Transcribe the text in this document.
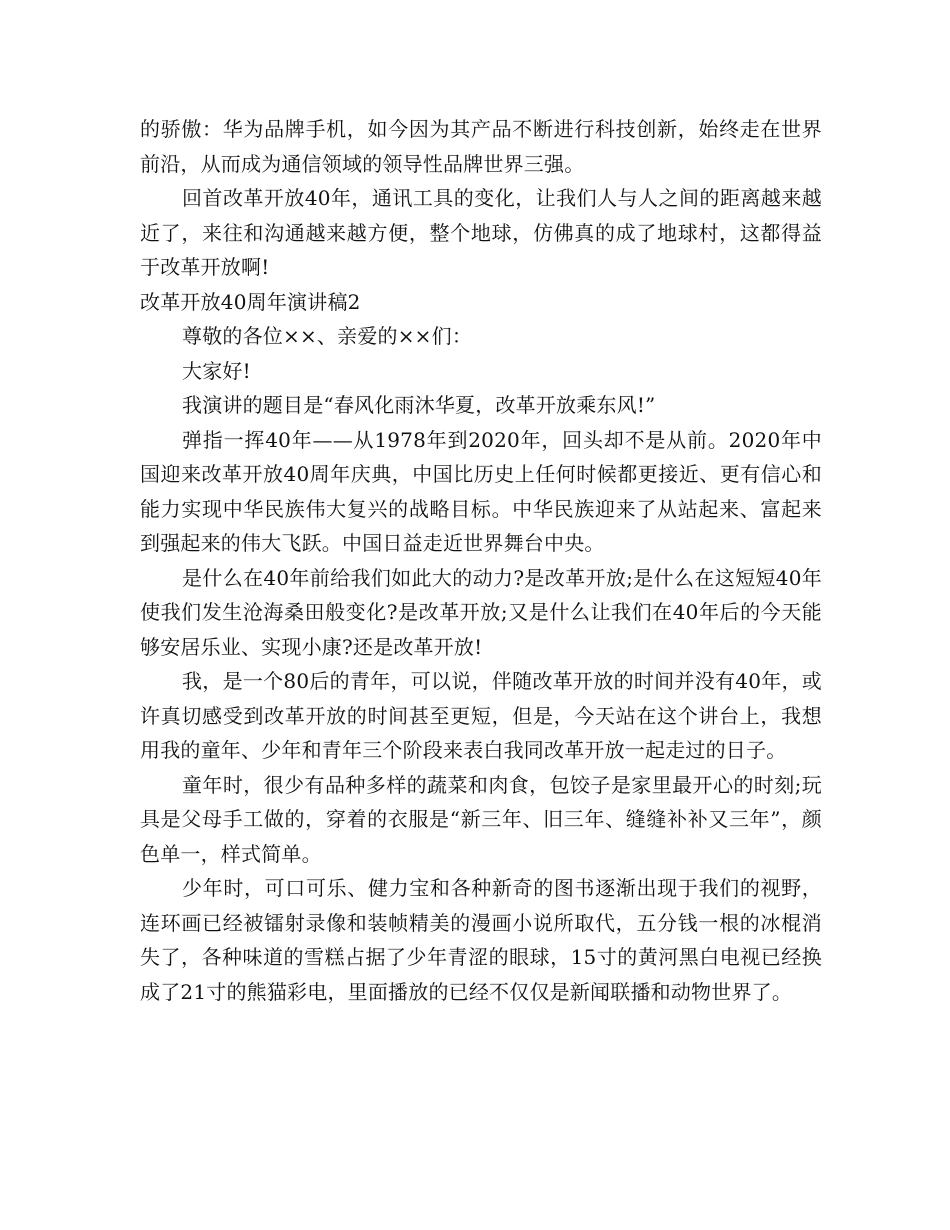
的骄傲：华为品牌手机，如今因为其产品不断进行科技创新，始终走在世界前沿，从而成为通信领域的领导性品牌世界三强。

回首改革开放40年，通讯工具的变化，让我们人与人之间的距离越来越近了，来往和沟通越来越方便，整个地球，仿佛真的成了地球村，这都得益于改革开放啊!

改革开放40周年演讲稿2

尊敬的各位××、亲爱的××们：

大家好!

我演讲的题目是“春风化雨沐华夏，改革开放乘东风!”

弹指一挥40年——从1978年到2020年，回头却不是从前。2020年中国迎来改革开放40周年庆典，中国比历史上任何时候都更接近、更有信心和能力实现中华民族伟大复兴的战略目标。中华民族迎来了从站起来、富起来到强起来的伟大飞跃。中国日益走近世界舞台中央。

是什么在40年前给我们如此大的动力?是改革开放;是什么在这短短40年使我们发生沧海桑田般变化?是改革开放;又是什么让我们在40年后的今天能够安居乐业、实现小康?还是改革开放!

我，是一个80后的青年，可以说，伴随改革开放的时间并没有40年，或许真切感受到改革开放的时间甚至更短，但是，今天站在这个讲台上，我想用我的童年、少年和青年三个阶段来表白我同改革开放一起走过的日子。

童年时，很少有品种多样的蔬菜和肉食，包饺子是家里最开心的时刻;玩具是父母手工做的，穿着的衣服是“新三年、旧三年、缝缝补补又三年”，颜色单一，样式简单。

少年时，可口可乐、健力宝和各种新奇的图书逐渐出现于我们的视野，连环画已经被镭射录像和装帧精美的漫画小说所取代，五分钱一根的冰棍消失了，各种味道的雪糕占据了少年青涩的眼球，15寸的黄河黑白电视已经换成了21寸的熊猫彩电，里面播放的已经不仅仅是新闻联播和动物世界了。
